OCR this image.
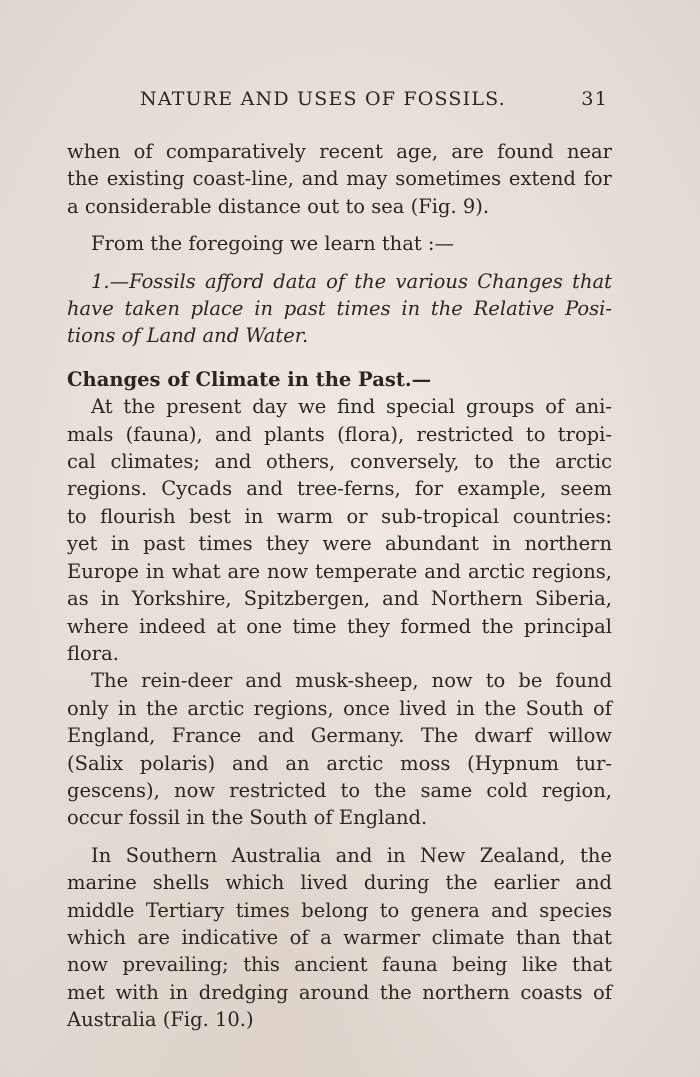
NATURE AND USES OF FOSSILS.	31
when of comparatively recent age, are found near
the existing coast-line, and may sometimes extend for
a considerable distance out to sea (Fig. 9).
From the foregoing we learn that :—
1.—Fossils afford data of the various Changes that
have taken place in past times in the Relative Posi-
tions of Land and Water.
Changes of Climate in the Past.—
At the present day we find special groups of ani-
mals (fauna), and plants (flora), restricted to tropi-
cal climates; and others, conversely, to the arctic
regions. Cycads and tree-ferns, for example, seem
to flourish best in warm or sub-tropical countries:
yet in past times they were abundant in northern
Europe in what are now temperate and arctic regions,
as in Yorkshire, Spitzbergen, and Northern Siberia,
where indeed at one time they formed the principal
flora.
The rein-deer and musk-sheep, now to be found
only in the arctic regions, once lived in the South of
England, France and Germany. The dwarf willow
(Salix polaris) and an arctic moss (Hypnum tur-
gescens), now restricted to the same cold region,
occur fossil in the South of England.
In Southern Australia and in New Zealand, the
marine shells which lived during the earlier and
middle Tertiary times belong to genera and species
which are indicative of a warmer climate than that
now prevailing; this ancient fauna being like that
met with in dredging around the northern coasts of
Australia (Fig. 10.)
